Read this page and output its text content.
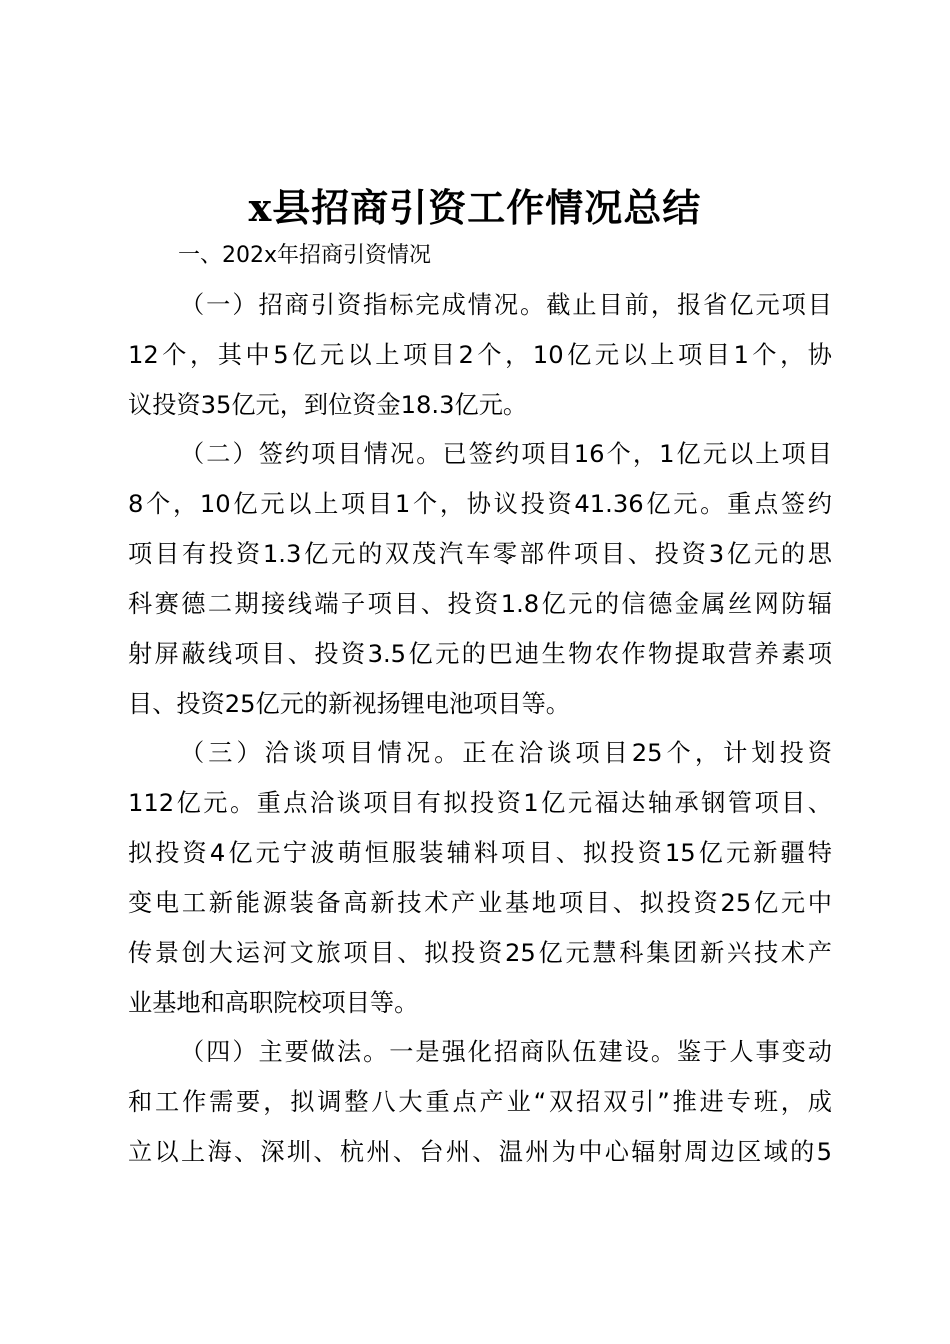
x县招商引资工作情况总结
一、202x年招商引资情况
（一）招商引资指标完成情况。截止目前，报省亿元项目
12个，其中5亿元以上项目2个，10亿元以上项目1个，协
议投资35亿元，到位资金18.3亿元。
（二）签约项目情况。已签约项目16个，1亿元以上项目
8个，10亿元以上项目1个，协议投资41.36亿元。重点签约
项目有投资1.3亿元的双茂汽车零部件项目、投资3亿元的思
科赛德二期接线端子项目、投资1.8亿元的信德金属丝网防辐
射屏蔽线项目、投资3.5亿元的巴迪生物农作物提取营养素项
目、投资25亿元的新视扬锂电池项目等。
（三）洽谈项目情况。正在洽谈项目25个，计划投资
112亿元。重点洽谈项目有拟投资1亿元福达轴承钢管项目、
拟投资4亿元宁波萌恒服装辅料项目、拟投资15亿元新疆特
变电工新能源装备高新技术产业基地项目、拟投资25亿元中
传景创大运河文旅项目、拟投资25亿元慧科集团新兴技术产
业基地和高职院校项目等。
（四）主要做法。一是强化招商队伍建设。鉴于人事变动
和工作需要，拟调整八大重点产业“双招双引”推进专班，成
立以上海、深圳、杭州、台州、温州为中心辐射周边区域的5
